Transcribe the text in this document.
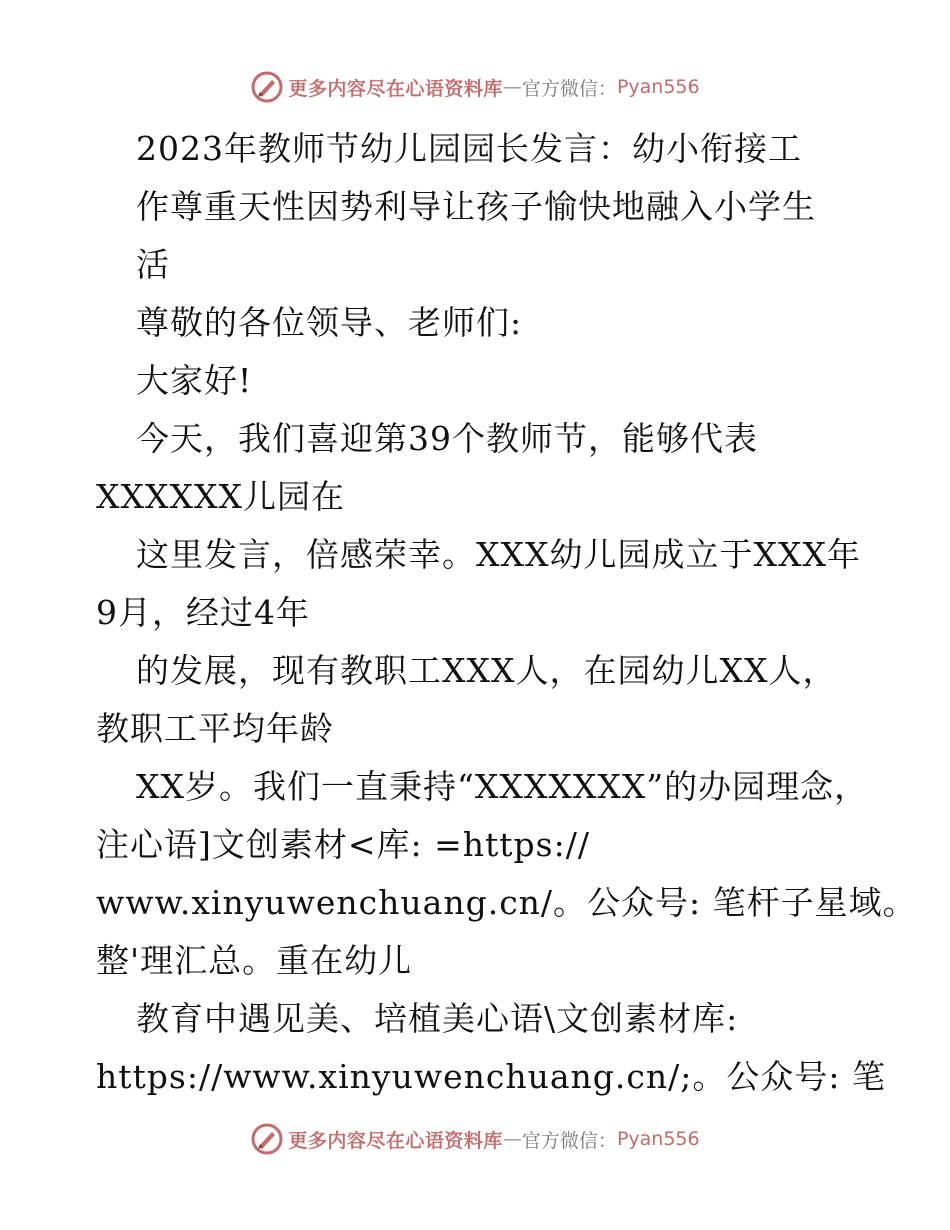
更多内容尽在心语资料库 — 官方微信： Pyan556
2023年教师节幼儿园园长发言：幼小衔接工
作尊重天性因势利导让孩子愉快地融入小学生
活
尊敬的各位领导、老师们:
大家好!
今天，我们喜迎第39个教师节，能够代表
XXXXXX儿园在
这里发言，倍感荣幸。XXX幼儿园成立于XXX年
9月，经过4年
的发展，现有教职工XXX人，在园幼儿XX人，
教职工平均年龄
XX岁。我们一直秉持“XXXXXXX”的办园理念，
注心语]文创素材<库: =https://
www.xinyuwenchuang.cn/。公众号: 笔杆子星域。
整'理汇总。重在幼儿
教育中遇见美、培植美心语\文创素材库:
https://www.xinyuwenchuang.cn/;。公众号: 笔
更多内容尽在心语资料库 — 官方微信： Pyan556
